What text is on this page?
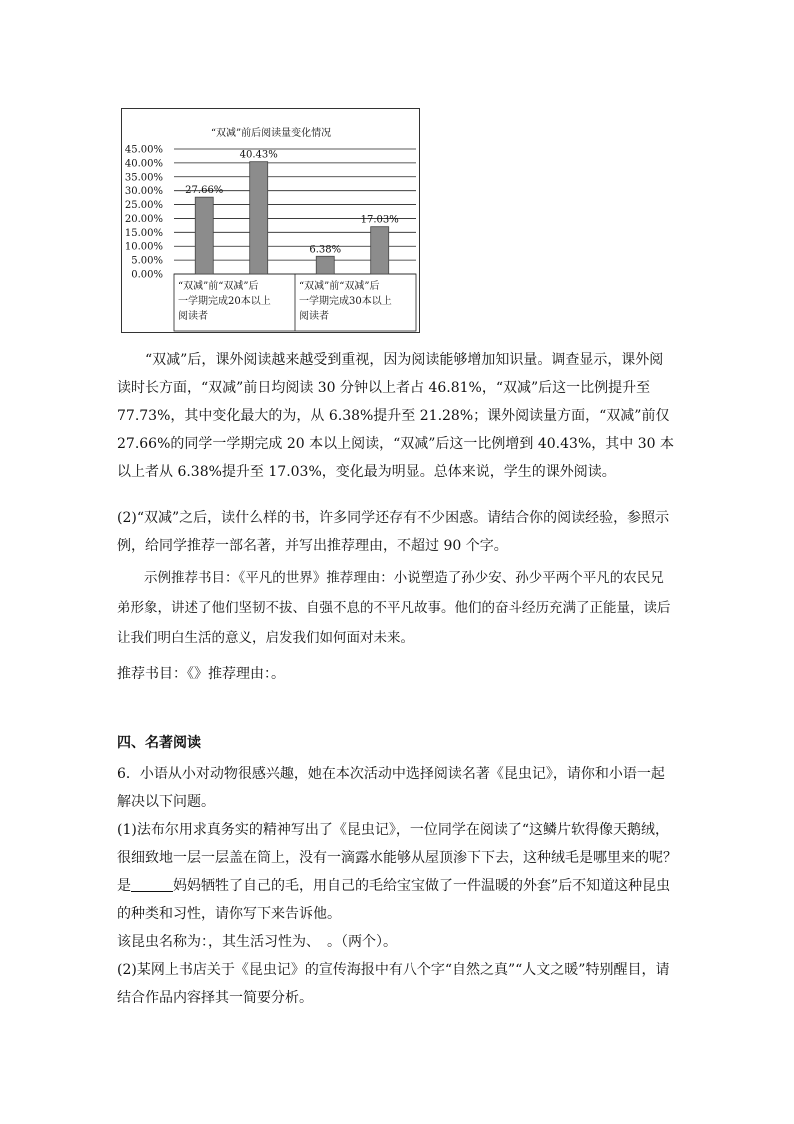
“双减”前后阅读量变化情况
45.00%
40.00%
35.00%
30.00%
25.00%
20.00%
15.00%
10.00%
5.00%
0.00%
“双减”前“双减”后
一学期完成20本以上
阅读者
27.66%
40.43%
“双减”前“双减”后
一学期完成30本以上
阅读者
6.38%
17.03%

“双减”后，课外阅读越来越受到重视，因为阅读能够增加知识量。调查显示，课外阅读时长方面，“双减”前日均阅读 30 分钟以上者占 46.81%，“双减”后这一比例提升至 77.73%，其中变化最大的为，从 6.38%提升至 21.28%；课外阅读量方面，“双减”前仅 27.66%的同学一学期完成 20 本以上阅读，“双减”后这一比例增到 40.43%，其中 30 本以上者从 6.38%提升至 17.03%，变化最为明显。总体来说，学生的课外阅读。

(2)“双减”之后，读什么样的书，许多同学还存有不少困惑。请结合你的阅读经验，参照示例，给同学推荐一部名著，并写出推荐理由，不超过 90 个字。

示例推荐书目：《平凡的世界》推荐理由：小说塑造了孙少安、孙少平两个平凡的农民兄弟形象，讲述了他们坚韧不拔、自强不息的不平凡故事。他们的奋斗经历充满了正能量，读后让我们明白生活的意义，启发我们如何面对未来。

推荐书目：《》推荐理由：。

四、名著阅读

6．小语从小对动物很感兴趣，她在本次活动中选择阅读名著《昆虫记》，请你和小语一起解决以下问题。

(1)法布尔用求真务实的精神写出了《昆虫记》，一位同学在阅读了“这鳞片软得像天鹅绒，很细致地一层一层盖在筒上，没有一滴露水能够从屋顶渗下下去，这种绒毛是哪里来的呢？是	妈妈牺牲了自己的毛，用自己的毛给宝宝做了一件温暖的外套”后不知道这种昆虫的种类和习性，请你写下来告诉他。

该昆虫名称为：，其生活习性为、　。（两个）。

(2)某网上书店关于《昆虫记》的宣传海报中有八个字“自然之真”“人文之暖”特别醒目，请结合作品内容择其一简要分析。
